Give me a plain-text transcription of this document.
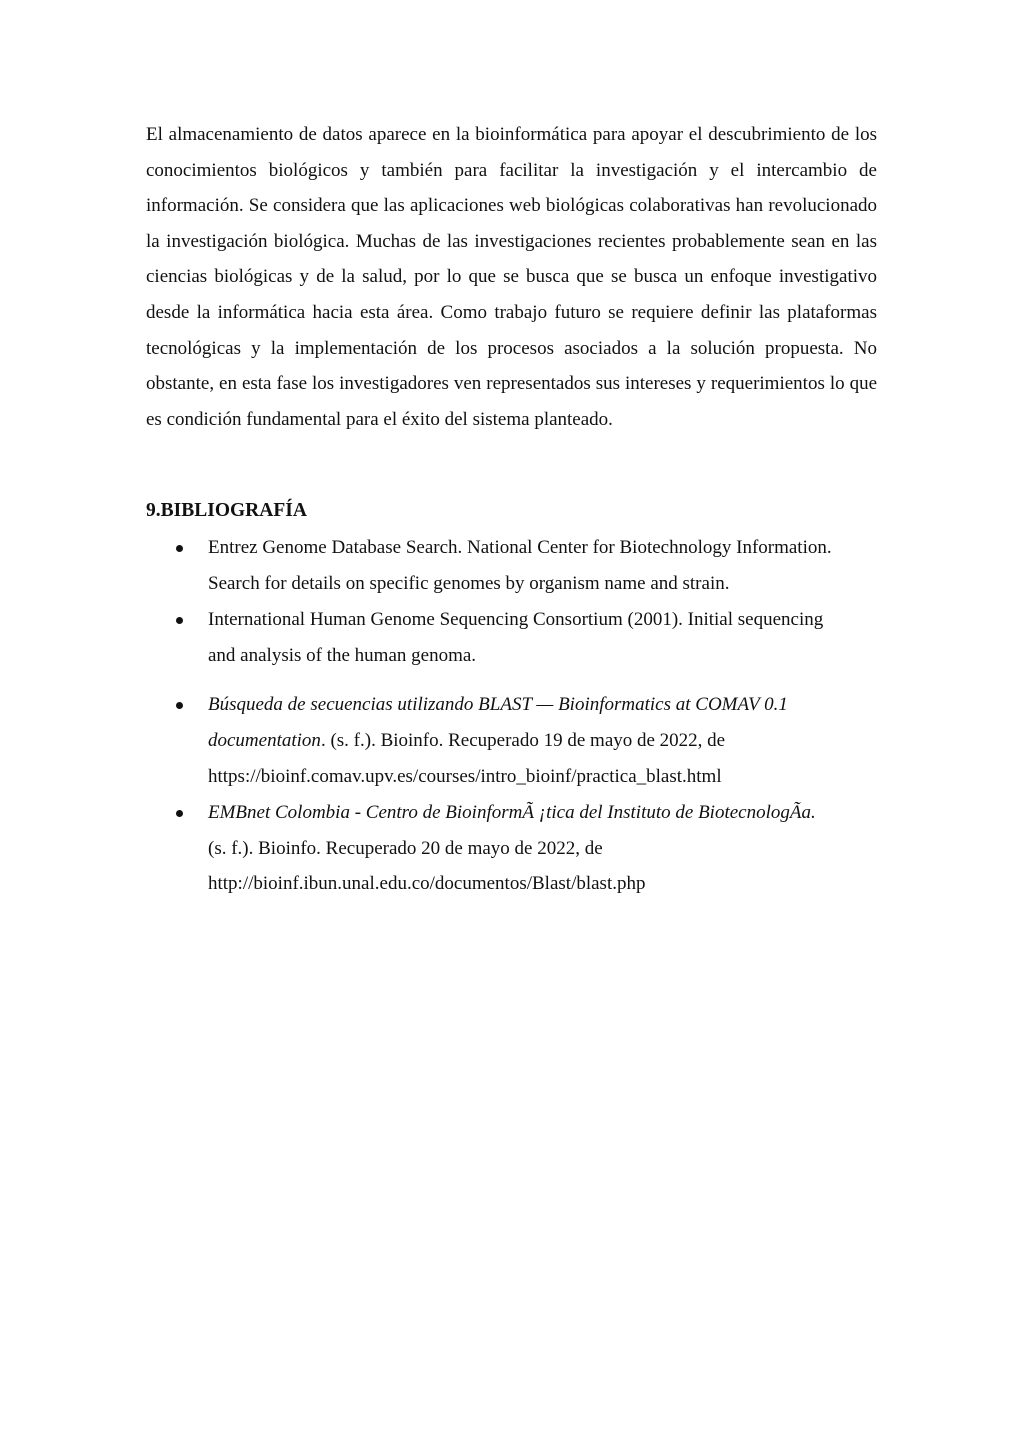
El almacenamiento de datos aparece en la bioinformática para apoyar el descubrimiento de los conocimientos biológicos y también para facilitar la investigación y el intercambio de información. Se considera que las aplicaciones web biológicas colaborativas han revolucionado la investigación biológica. Muchas de las investigaciones recientes probablemente sean en las ciencias biológicas y de la salud, por lo que se busca que se busca un enfoque investigativo desde la informática hacia esta área. Como trabajo futuro se requiere definir las plataformas tecnológicas y la implementación de los procesos asociados a la solución propuesta. No obstante, en esta fase los investigadores ven representados sus intereses y requerimientos lo que es condición fundamental para el éxito del sistema planteado.

9.BIBLIOGRAFÍA
Entrez Genome Database Search. National Center for Biotechnology Information.
Search for details on specific genomes by organism name and strain.
International Human Genome Sequencing Consortium (2001). Initial sequencing
and analysis of the human genoma.
Búsqueda de secuencias utilizando BLAST — Bioinformatics at COMAV 0.1
documentation. (s. f.). Bioinfo. Recuperado 19 de mayo de 2022, de
https://bioinf.comav.upv.es/courses/intro_bioinf/practica_blast.html
EMBnet Colombia - Centro de BioinformÃ ¡tica del Instituto de BiotecnologÃa.
(s. f.). Bioinfo. Recuperado 20 de mayo de 2022, de
http://bioinf.ibun.unal.edu.co/documentos/Blast/blast.php
